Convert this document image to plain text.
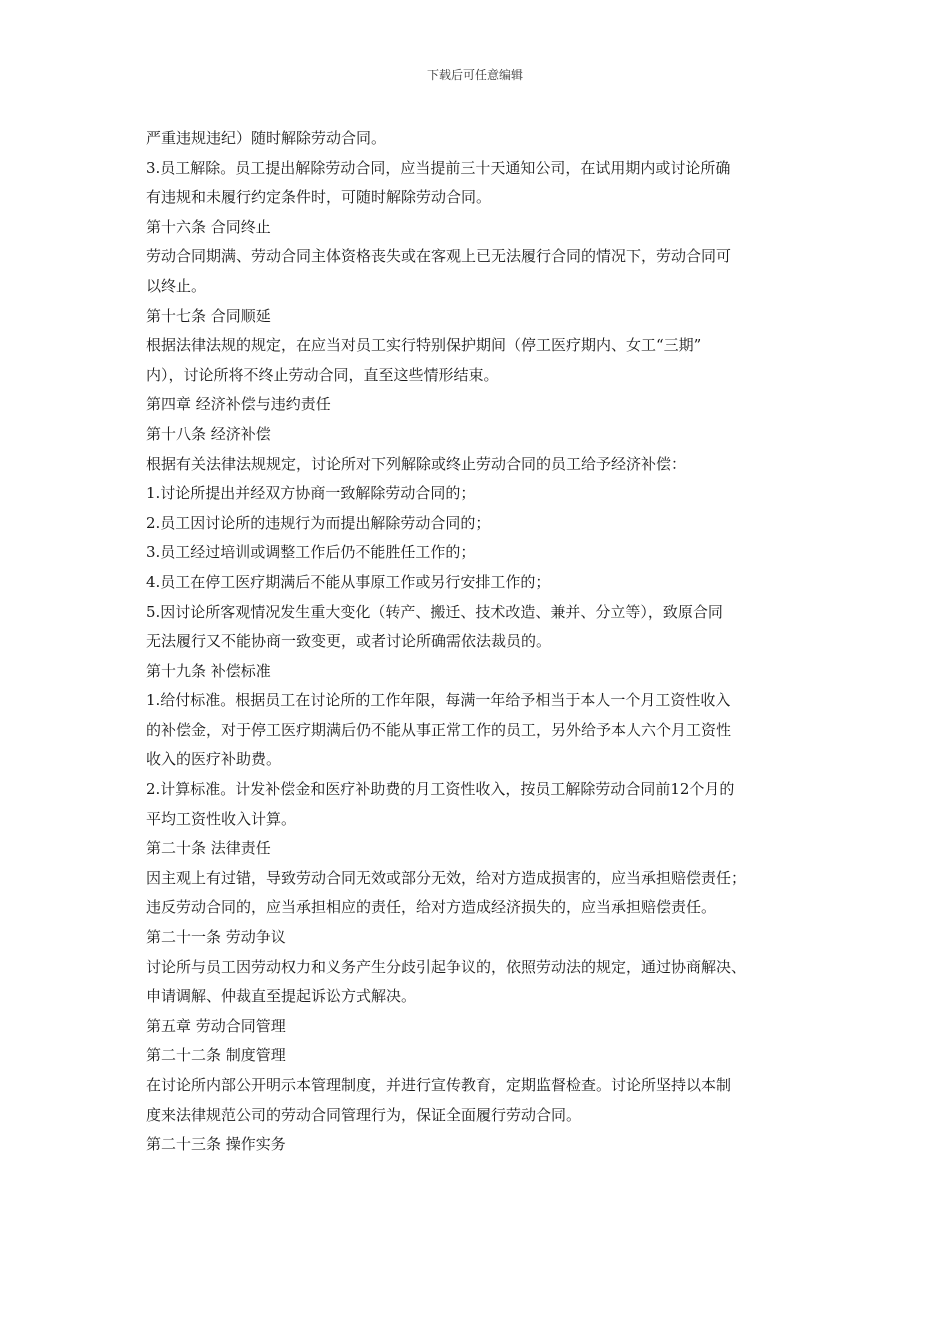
下载后可任意编辑
严重违规违纪）随时解除劳动合同。
3.员工解除。员工提出解除劳动合同，应当提前三十天通知公司，在试用期内或讨论所确
有违规和未履行约定条件时，可随时解除劳动合同。
第十六条 合同终止
劳动合同期满、劳动合同主体资格丧失或在客观上已无法履行合同的情况下，劳动合同可
以终止。
第十七条 合同顺延
根据法律法规的规定，在应当对员工实行特别保护期间（停工医疗期内、女工“三期”
内），讨论所将不终止劳动合同，直至这些情形结束。
第四章 经济补偿与违约责任
第十八条 经济补偿
根据有关法律法规规定，讨论所对下列解除或终止劳动合同的员工给予经济补偿：
1.讨论所提出并经双方协商一致解除劳动合同的；
2.员工因讨论所的违规行为而提出解除劳动合同的；
3.员工经过培训或调整工作后仍不能胜任工作的；
4.员工在停工医疗期满后不能从事原工作或另行安排工作的；
5.因讨论所客观情况发生重大变化（转产、搬迁、技术改造、兼并、分立等），致原合同
无法履行又不能协商一致变更，或者讨论所确需依法裁员的。
第十九条 补偿标准
1.给付标准。根据员工在讨论所的工作年限，每满一年给予相当于本人一个月工资性收入
的补偿金，对于停工医疗期满后仍不能从事正常工作的员工，另外给予本人六个月工资性
收入的医疗补助费。
2.计算标准。计发补偿金和医疗补助费的月工资性收入，按员工解除劳动合同前12个月的
平均工资性收入计算。
第二十条 法律责任
因主观上有过错，导致劳动合同无效或部分无效，给对方造成损害的，应当承担赔偿责任；
违反劳动合同的，应当承担相应的责任，给对方造成经济损失的，应当承担赔偿责任。
第二十一条 劳动争议
讨论所与员工因劳动权力和义务产生分歧引起争议的，依照劳动法的规定，通过协商解决、
申请调解、仲裁直至提起诉讼方式解决。
第五章 劳动合同管理
第二十二条 制度管理
在讨论所内部公开明示本管理制度，并进行宣传教育，定期监督检查。讨论所坚持以本制
度来法律规范公司的劳动合同管理行为，保证全面履行劳动合同。
第二十三条 操作实务
